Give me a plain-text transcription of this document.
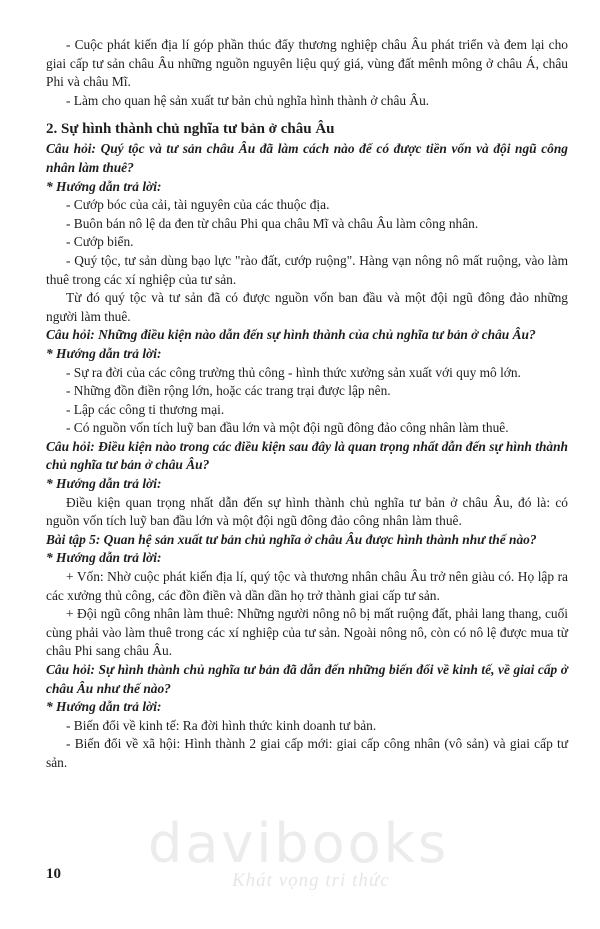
- Cuộc phát kiến địa lí góp phần thúc đẩy thương nghiệp châu Âu phát triển và đem lại cho giai cấp tư sản châu Âu những nguồn nguyên liệu quý giá, vùng đất mênh mông ở châu Á, châu Phi và châu Mĩ.

- Làm cho quan hệ sản xuất tư bản chủ nghĩa hình thành ở châu Âu.

2. Sự hình thành chủ nghĩa tư bản ở châu Âu

Câu hỏi: Quý tộc và tư sản châu Âu đã làm cách nào để có được tiền vốn và đội ngũ công nhân làm thuê?

* Hướng dẫn trả lời:

- Cướp bóc của cải, tài nguyên của các thuộc địa.

- Buôn bán nô lệ da đen từ châu Phi qua châu Mĩ và châu Âu làm công nhân.

- Cướp biển.

- Quý tộc, tư sản dùng bạo lực "rào đất, cướp ruộng". Hàng vạn nông nô mất ruộng, vào làm thuê trong các xí nghiệp của tư sản.

Từ đó quý tộc và tư sản đã có được nguồn vốn ban đầu và một đội ngũ đông đảo những người làm thuê.

Câu hỏi: Những điều kiện nào dẫn đến sự hình thành của chủ nghĩa tư bản ở châu Âu?

* Hướng dẫn trả lời:

- Sự ra đời của các công trường thủ công - hình thức xưởng sản xuất với quy mô lớn.

- Những đồn điền rộng lớn, hoặc các trang trại được lập nên.

- Lập các công ti thương mại.

- Có nguồn vốn tích luỹ ban đầu lớn và một đội ngũ đông đảo công nhân làm thuê.

Câu hỏi: Điều kiện nào trong các điều kiện sau đây là quan trọng nhất dẫn đến sự hình thành chủ nghĩa tư bản ở châu Âu?

* Hướng dẫn trả lời:

Điều kiện quan trọng nhất dẫn đến sự hình thành chủ nghĩa tư bản ở châu Âu, đó là: có nguồn vốn tích luỹ ban đầu lớn và một đội ngũ đông đảo công nhân làm thuê.

Bài tập 5: Quan hệ sản xuất tư bản chủ nghĩa ở châu Âu được hình thành như thế nào?

* Hướng dẫn trả lời:

+ Vốn: Nhờ cuộc phát kiến địa lí, quý tộc và thương nhân châu Âu trở nên giàu có. Họ lập ra các xưởng thủ công, các đồn điền và dần dần họ trở thành giai cấp tư sản.

+ Đội ngũ công nhân làm thuê: Những người nông nô bị mất ruộng đất, phải lang thang, cuối cùng phải vào làm thuê trong các xí nghiệp của tư sản. Ngoài nông nô, còn có nô lệ được mua từ châu Phi sang châu Âu.

Câu hỏi: Sự hình thành chủ nghĩa tư bản đã dẫn đến những biến đổi về kinh tế, về giai cấp ở châu Âu như thế nào?

* Hướng dẫn trả lời:

- Biến đổi về kinh tế: Ra đời hình thức kinh doanh tư bản.

- Biến đổi về xã hội: Hình thành 2 giai cấp mới: giai cấp công nhân (vô sản) và giai cấp tư sản.

davibooks
Khát vọng tri thức
10
